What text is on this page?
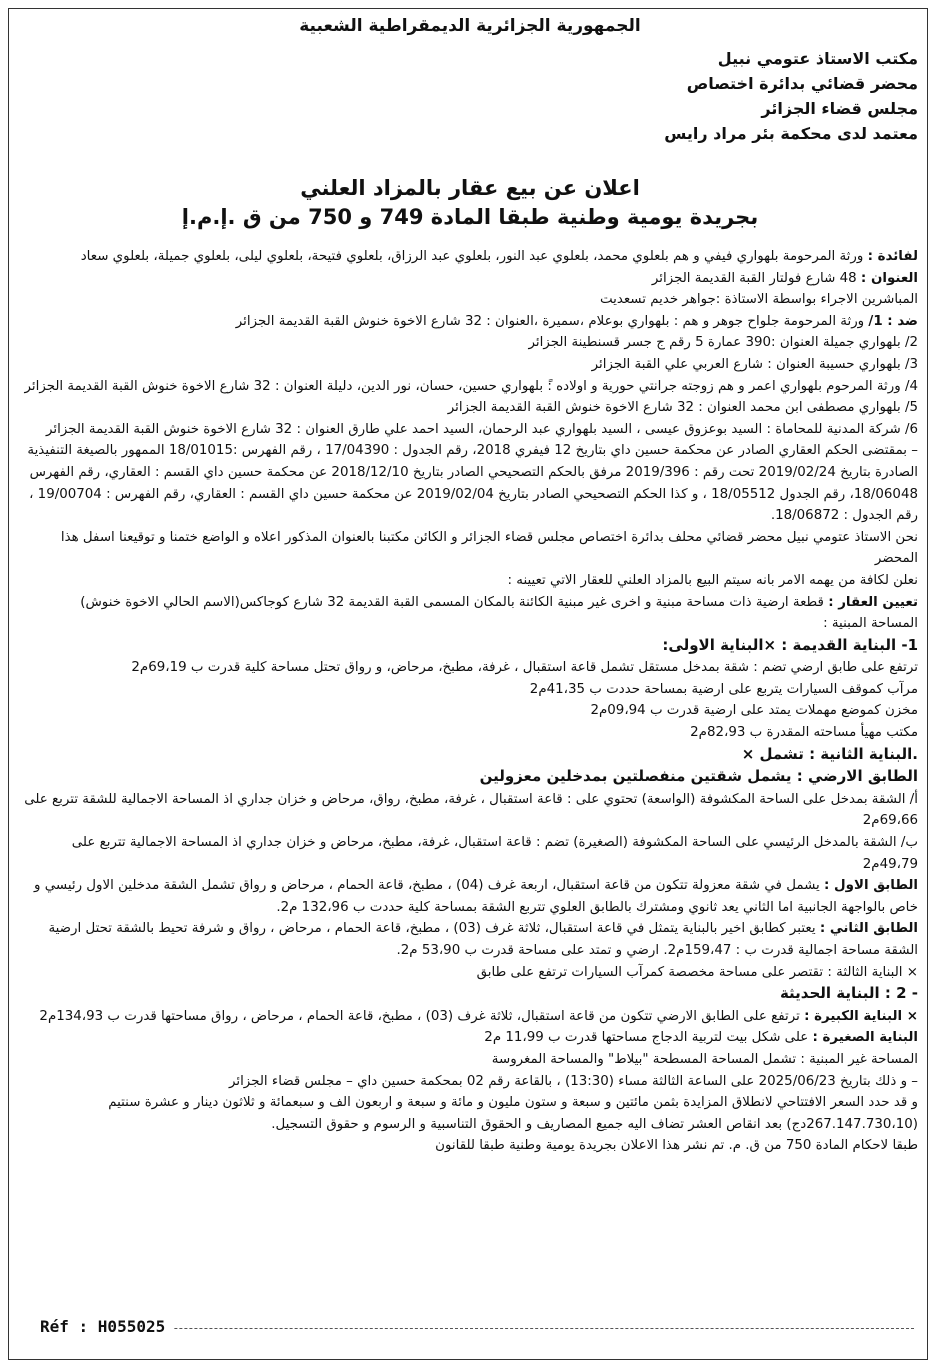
الجمهورية الجزائرية الديمقراطية الشعبية
مكتب الاستاذ عتومي نبيل
محضر قضائي بدائرة اختصاص
مجلس قضاء الجزائر
معتمد لدى محكمة بئر مراد رايس
اعلان عن بيع عقار بالمزاد العلني
بجريدة يومية وطنية طبقا المادة 749 و 750 من ق .إ.م.إ

لفائدة : ورثة المرحومة بلهواري فيفي و هم بلعلوي محمد، بلعلوي عبد النور، بلعلوي عبد الرزاق، بلعلوي فتيحة، بلعلوي ليلى، بلعلوي جميلة، بلعلوي سعاد

العنوان : 48 شارع فولتار القبة القديمة الجزائر

المباشرين الاجراء بواسطة الاستاذة :جواهر خديم تسعديت

ضد : 1/ ورثة المرحومة جلواح جوهر و هم : بلهواري بوعلام ،سميرة ،العنوان : 32 شارع الاخوة خنوش القبة القديمة الجزائر

2/ بلهواري جميلة العنوان :390 عمارة 5 رقم ج جسر قسنطينة الجزائر

3/ بلهواري حسيبة العنوان : شارع العربي علي القبة الجزائر

4/ ورثة المرحوم بلهواري اعمر و هم زوجته جرانتي حورية و اولاده :ً بلهواري حسين، حسان، نور الدين، دليلة العنوان : 32 شارع الاخوة خنوش القبة القديمة الجزائر

5/ بلهواري مصطفى ابن محمد العنوان : 32 شارع الاخوة خنوش القبة القديمة الجزائر

6/ شركة المدنية للمحاماة : السيد بوعزوق عيسى ، السيد بلهواري عبد الرحمان، السيد احمد علي طارق العنوان : 32 شارع الاخوة خنوش القبة القديمة الجزائر

– بمقتضى الحكم العقاري الصادر عن محكمة حسين داي بتاريخ 12 فيفري 2018، رقم الجدول : 17/04390 ، رقم الفهرس :18/01015 الممهور بالصيغة التنفيذية الصادرة بتاريخ 2019/02/24 تحت رقم : 2019/396 مرفق بالحكم التصحيحي الصادر بتاريخ 2018/12/10 عن محكمة حسين داي القسم : العقاري، رقم الفهرس 18/06048، رقم الجدول 18/05512 ، و كذا الحكم التصحيحي الصادر بتاريخ 2019/02/04 عن محكمة حسين داي القسم : العقاري، رقم الفهرس : 19/00704 ، رقم الجدول : 18/06872.

نحن الاستاذ عتومي نبيل محضر قضائي محلف بدائرة اختصاص مجلس قضاء الجزائر و الكائن مكتبنا بالعنوان المذكور اعلاه و الواضع ختمنا و توقيعنا اسفل هذا المحضر

نعلن لكافة من يهمه الامر بانه سيتم البيع بالمزاد العلني للعقار الاتي تعيينه :

تعيين العقار : قطعة ارضية ذات مساحة مبنية و اخرى غير مبنية الكائنة بالمكان المسمى القبة القديمة 32 شارع كوجاكس(الاسم الحالي الاخوة خنوش)

المساحة المبنية :

1- البناية القديمة : ×البناية الاولى:

ترتفع على طابق ارضي تضم : شقة بمدخل مستقل تشمل قاعة استقبال ، غرفة، مطبخ، مرحاض، و رواق تحتل مساحة كلية قدرت ب 69،19م2

مرآب كموقف السيارات يتربع على ارضية بمساحة حددت ب 41،35م2

مخزن كموضع مهملات يمتد على ارضية قدرت ب 09،94م2

مكتب مهيأ مساحته المقدرة ب 82،93م2

.البناية الثانية : تشمل ×

الطابق الارضي : يشمل شقتين منفصلتين بمدخلين معزولين

أ/ الشقة بمدخل على الساحة المكشوفة (الواسعة) تحتوي على : قاعة استقبال ، غرفة، مطبخ، رواق، مرحاض و خزان جداري اذ المساحة الاجمالية للشقة تتربع على 69،66م2

ب/ الشقة بالمدخل الرئيسي على الساحة المكشوفة (الصغيرة) تضم : قاعة استقبال، غرفة، مطبخ، مرحاض و خزان جداري اذ المساحة الاجمالية تتربع على 49،79م2

الطابق الاول : يشمل في شقة معزولة تتكون من قاعة استقبال، اربعة غرف (04) ، مطبخ، قاعة الحمام ، مرحاض و رواق تشمل الشقة مدخلين الاول رئيسي و خاص بالواجهة الجانبية اما الثاني يعد ثانوي ومشترك بالطابق العلوي تتربع الشقة بمساحة كلية حددت ب 132،96 م2.

الطابق الثاني : يعتبر كطابق اخير بالبناية يتمثل في قاعة استقبال، ثلاثة غرف (03) ، مطبخ، قاعة الحمام ، مرحاض ، رواق و شرفة تحيط بالشقة تحتل ارضية الشقة مساحة اجمالية قدرت ب : 159،47م2. ارضي و تمتد على مساحة قدرت ب 53،90 م2.

× البناية الثالثة : تقتصر على مساحة مخصصة كمرآب السيارات ترتفع على طابق

- 2 : البناية الحديثة

× البناية الكبيرة : ترتفع على الطابق الارضي تتكون من قاعة استقبال، ثلاثة غرف (03) ، مطبخ، قاعة الحمام ، مرحاض ، رواق مساحتها قدرت ب 134،93م2

البناية الصغيرة : على شكل بيت لتربية الدجاج مساحتها قدرت ب 11،99 م2

المساحة غير المبنية : تشمل المساحة المسطحة "بيلاط" والمساحة المغروسة

– و ذلك بتاريخ 2025/06/23 على الساعة الثالثة مساء (13:30) ، بالقاعة رقم 02 بمحكمة حسين داي – مجلس قضاء الجزائر

و قد حدد السعر الافتتاحي لانطلاق المزايدة بثمن مائتين و سبعة و ستون مليون و مائة و سبعة و اربعون الف و سبعمائة و ثلاثون دينار و عشرة سنتيم (267.147.730،10دج) بعد انقاص العشر تضاف اليه جميع المصاريف و الحقوق التناسبية و الرسوم و حقوق التسجيل.

طبقا لاحكام المادة 750 من ق. م. تم نشر هذا الاعلان بجريدة يومية وطنية طبقا للقانون

Réf : H055025
